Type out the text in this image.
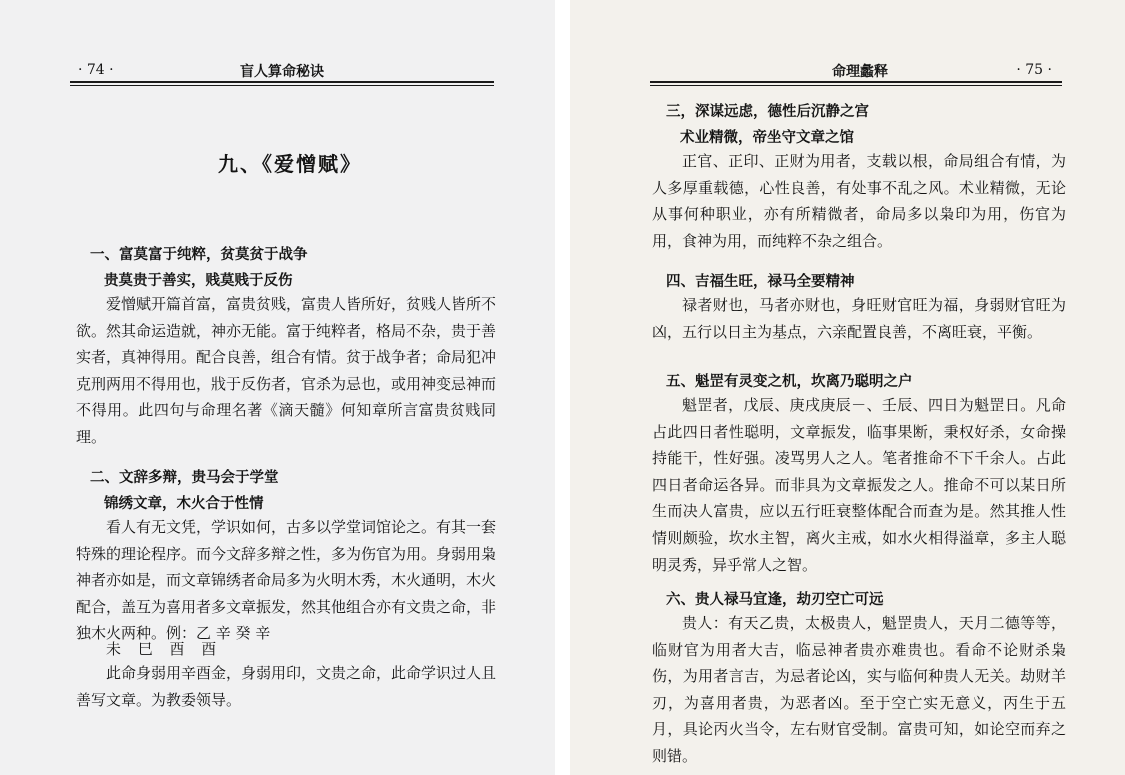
· 74 ·	盲人算命秘诀
九、《爱憎赋》
一、富莫富于纯粹，贫莫贫于战争
贵莫贵于善实，贱莫贱于反伤
爱憎赋开篇首富，富贵贫贱，富贵人皆所好，贫贱人皆所不欲。然其命运造就，神亦无能。富于纯粹者，格局不杂，贵于善实者，真神得用。配合良善，组合有情。贫于战争者；命局犯冲克刑两用不得用也，戕于反伤者，官杀为忌也，或用神变忌神而不得用。此四句与命理名著《滴天髓》何知章所言富贵贫贱同理。
二、文辞多辩，贵马会于学堂
锦绣文章，木火合于性情
看人有无文凭，学识如何，古多以学堂词馆论之。有其一套特殊的理论程序。而今文辞多辩之性，多为伤官为用。身弱用枭神者亦如是，而文章锦绣者命局多为火明木秀，木火通明，木火配合，盖互为喜用者多文章振发，然其他组合亦有文贵之命，非独木火两种。例：乙 辛 癸 辛
未 巳 酉 酉
此命身弱用辛酉金，身弱用印，文贵之命，此命学识过人且善写文章。为教委领导。
命理蠡释	· 75 ·
三，深谋远虑，德性后沉静之宫
术业精微，帝坐守文章之馆
正官、正印、正财为用者，支载以根，命局组合有情，为人多厚重载德，心性良善，有处事不乱之风。术业精微，无论从事何种职业，亦有所精微者，命局多以枭印为用，伤官为用，食神为用，而纯粹不杂之组合。
四、吉福生旺，禄马全要精神
禄者财也，马者亦财也，身旺财官旺为福，身弱财官旺为凶，五行以日主为基点，六亲配置良善，不离旺衰，平衡。
五、魁罡有灵变之机，坎离乃聪明之户
魁罡者，戊辰、庚戌庚辰－、壬辰、四日为魁罡日。凡命占此四日者性聪明，文章振发，临事果断，秉权好杀，女命操持能干，性好强。凌骂男人之人。笔者推命不下千余人。占此四日者命运各异。而非具为文章振发之人。推命不可以某日所生而决人富贵，应以五行旺衰整体配合而查为是。然其推人性情则颇验，坎水主智，离火主戒，如水火相得溢章，多主人聪明灵秀，异乎常人之智。
六、贵人禄马宜逢，劫刃空亡可远
贵人：有天乙贵，太极贵人，魁罡贵人，天月二德等等，临财官为用者大吉，临忌神者贵亦难贵也。看命不论财杀枭伤，为用者言吉，为忌者论凶，实与临何种贵人无关。劫财羊刃，为喜用者贵，为恶者凶。至于空亡实无意义，丙生于五月，具论丙火当令，左右财官受制。富贵可知，如论空而弃之则错。
